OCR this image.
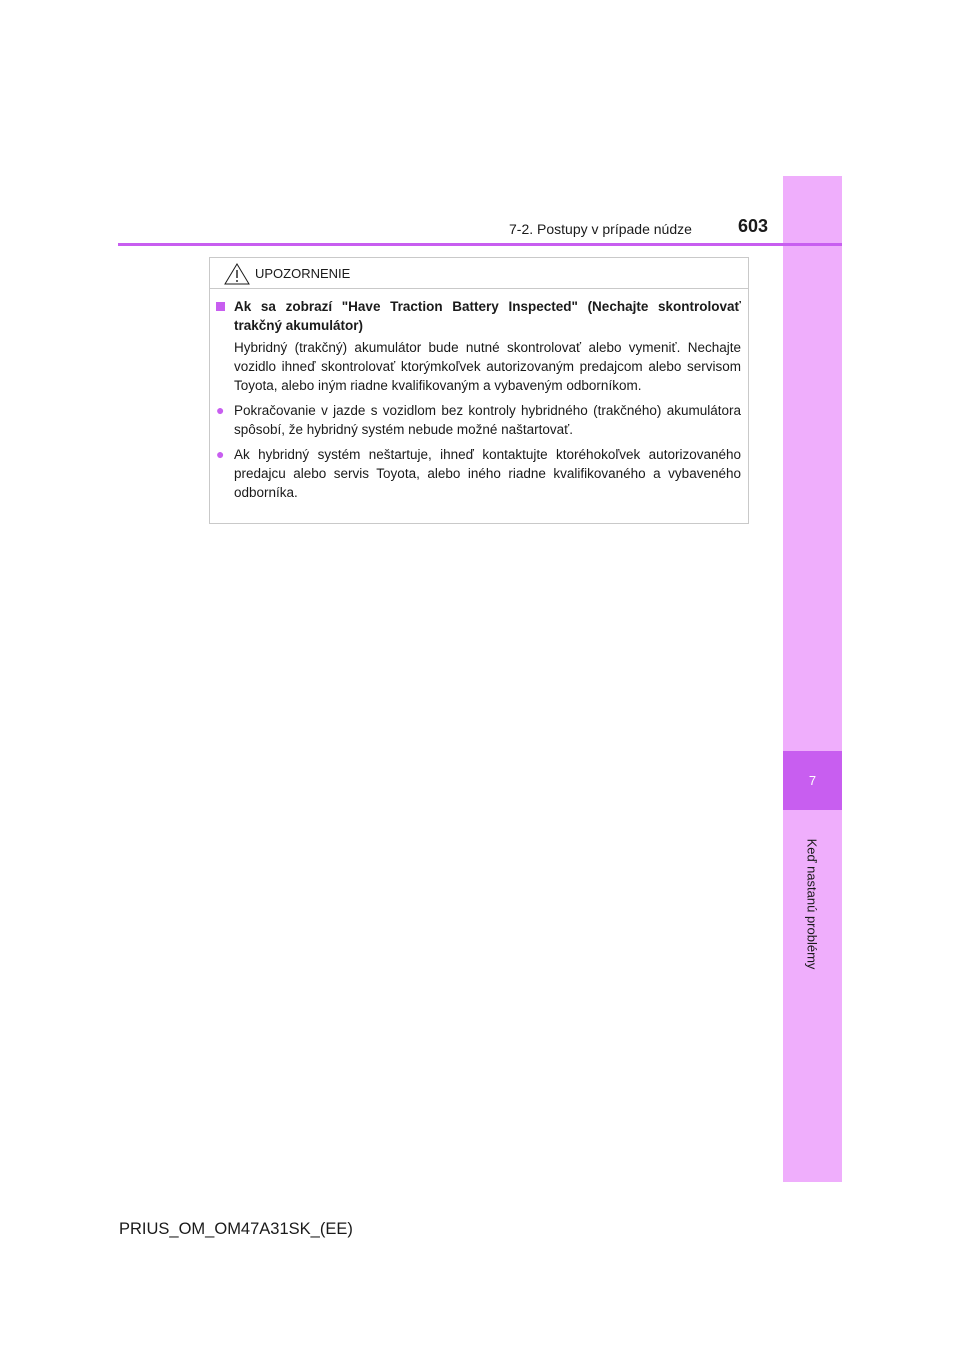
7
Keď nastanú problémy
7-2. Postupy v prípade núdze	603
UPOZORNENIE
Ak sa zobrazí "Have Traction Battery Inspected" (Nechajte skontrolovať trakčný akumulátor)
Hybridný (trakčný) akumulátor bude nutné skontrolovať alebo vymeniť. Nechajte vozidlo ihneď skontrolovať ktorýmkoľvek autorizovaným predajcom alebo servisom Toyota, alebo iným riadne kvalifikovaným a vybaveným odborníkom.
● Pokračovanie v jazde s vozidlom bez kontroly hybridného (trakčného) akumulátora spôsobí, že hybridný systém nebude možné naštartovať.
● Ak hybridný systém neštartuje, ihneď kontaktujte ktoréhokoľvek autorizovaného predajcu alebo servis Toyota, alebo iného riadne kvalifikovaného a vybaveného odborníka.
PRIUS_OM_OM47A31SK_(EE)
